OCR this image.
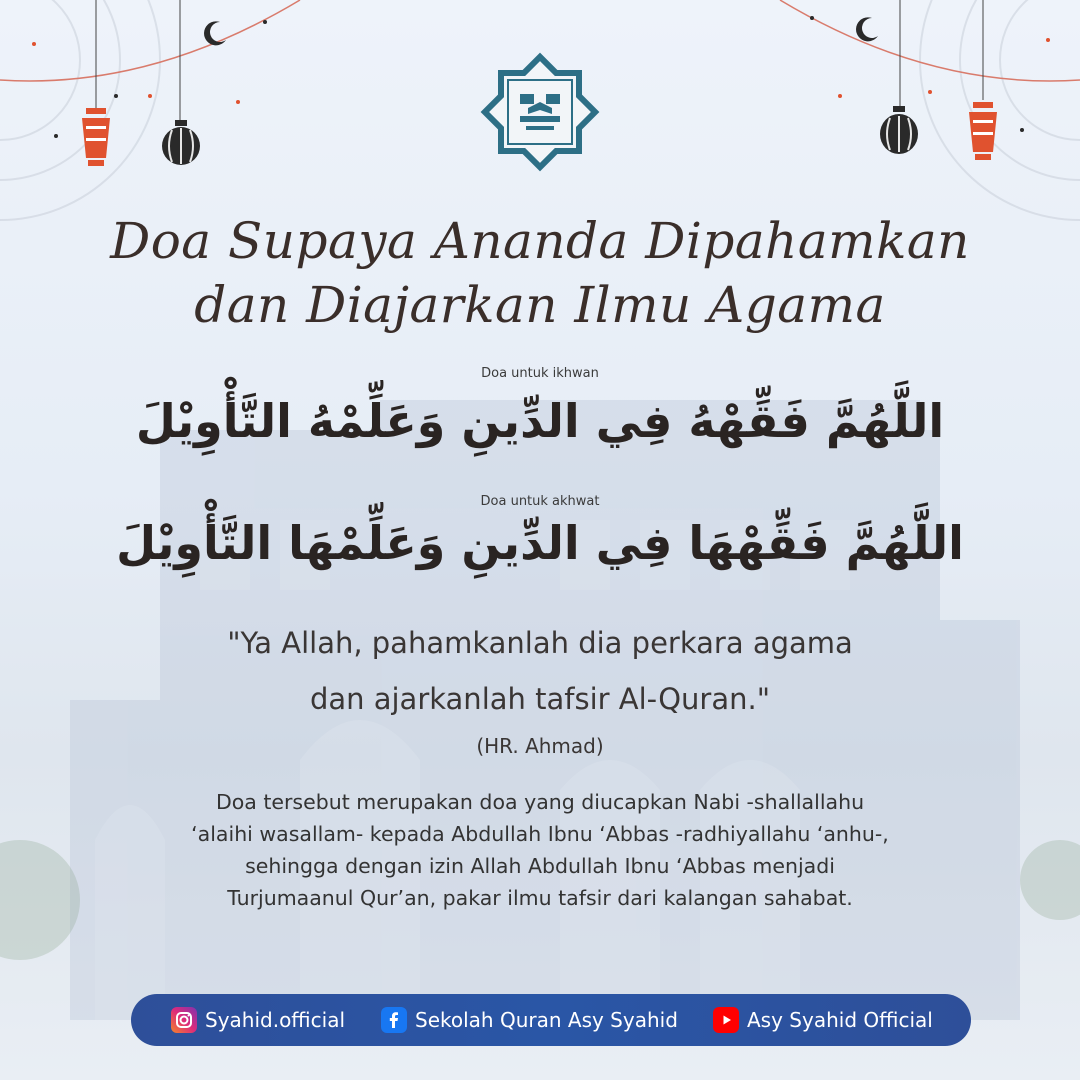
Doa Supaya Ananda Dipahamkan
dan Diajarkan Ilmu Agama
Doa untuk ikhwan
اللَّهُمَّ فَقِّهْهُ فِي الدِّينِ وَعَلِّمْهُ التَّأْوِيْلَ
Doa untuk akhwat
اللَّهُمَّ فَقِّهْهَا فِي الدِّينِ وَعَلِّمْهَا التَّأْوِيْلَ
"Ya Allah, pahamkanlah dia perkara agama
dan ajarkanlah tafsir Al-Quran."
(HR. Ahmad)
Doa tersebut merupakan doa yang diucapkan Nabi -shallallahu
‘alaihi wasallam- kepada Abdullah Ibnu ‘Abbas -radhiyallahu ‘anhu-,
sehingga dengan izin Allah Abdullah Ibnu ‘Abbas menjadi
Turjumaanul Qur’an, pakar ilmu tafsir dari kalangan sahabat.
Syahid.official	Sekolah Quran Asy Syahid	Asy Syahid Official
